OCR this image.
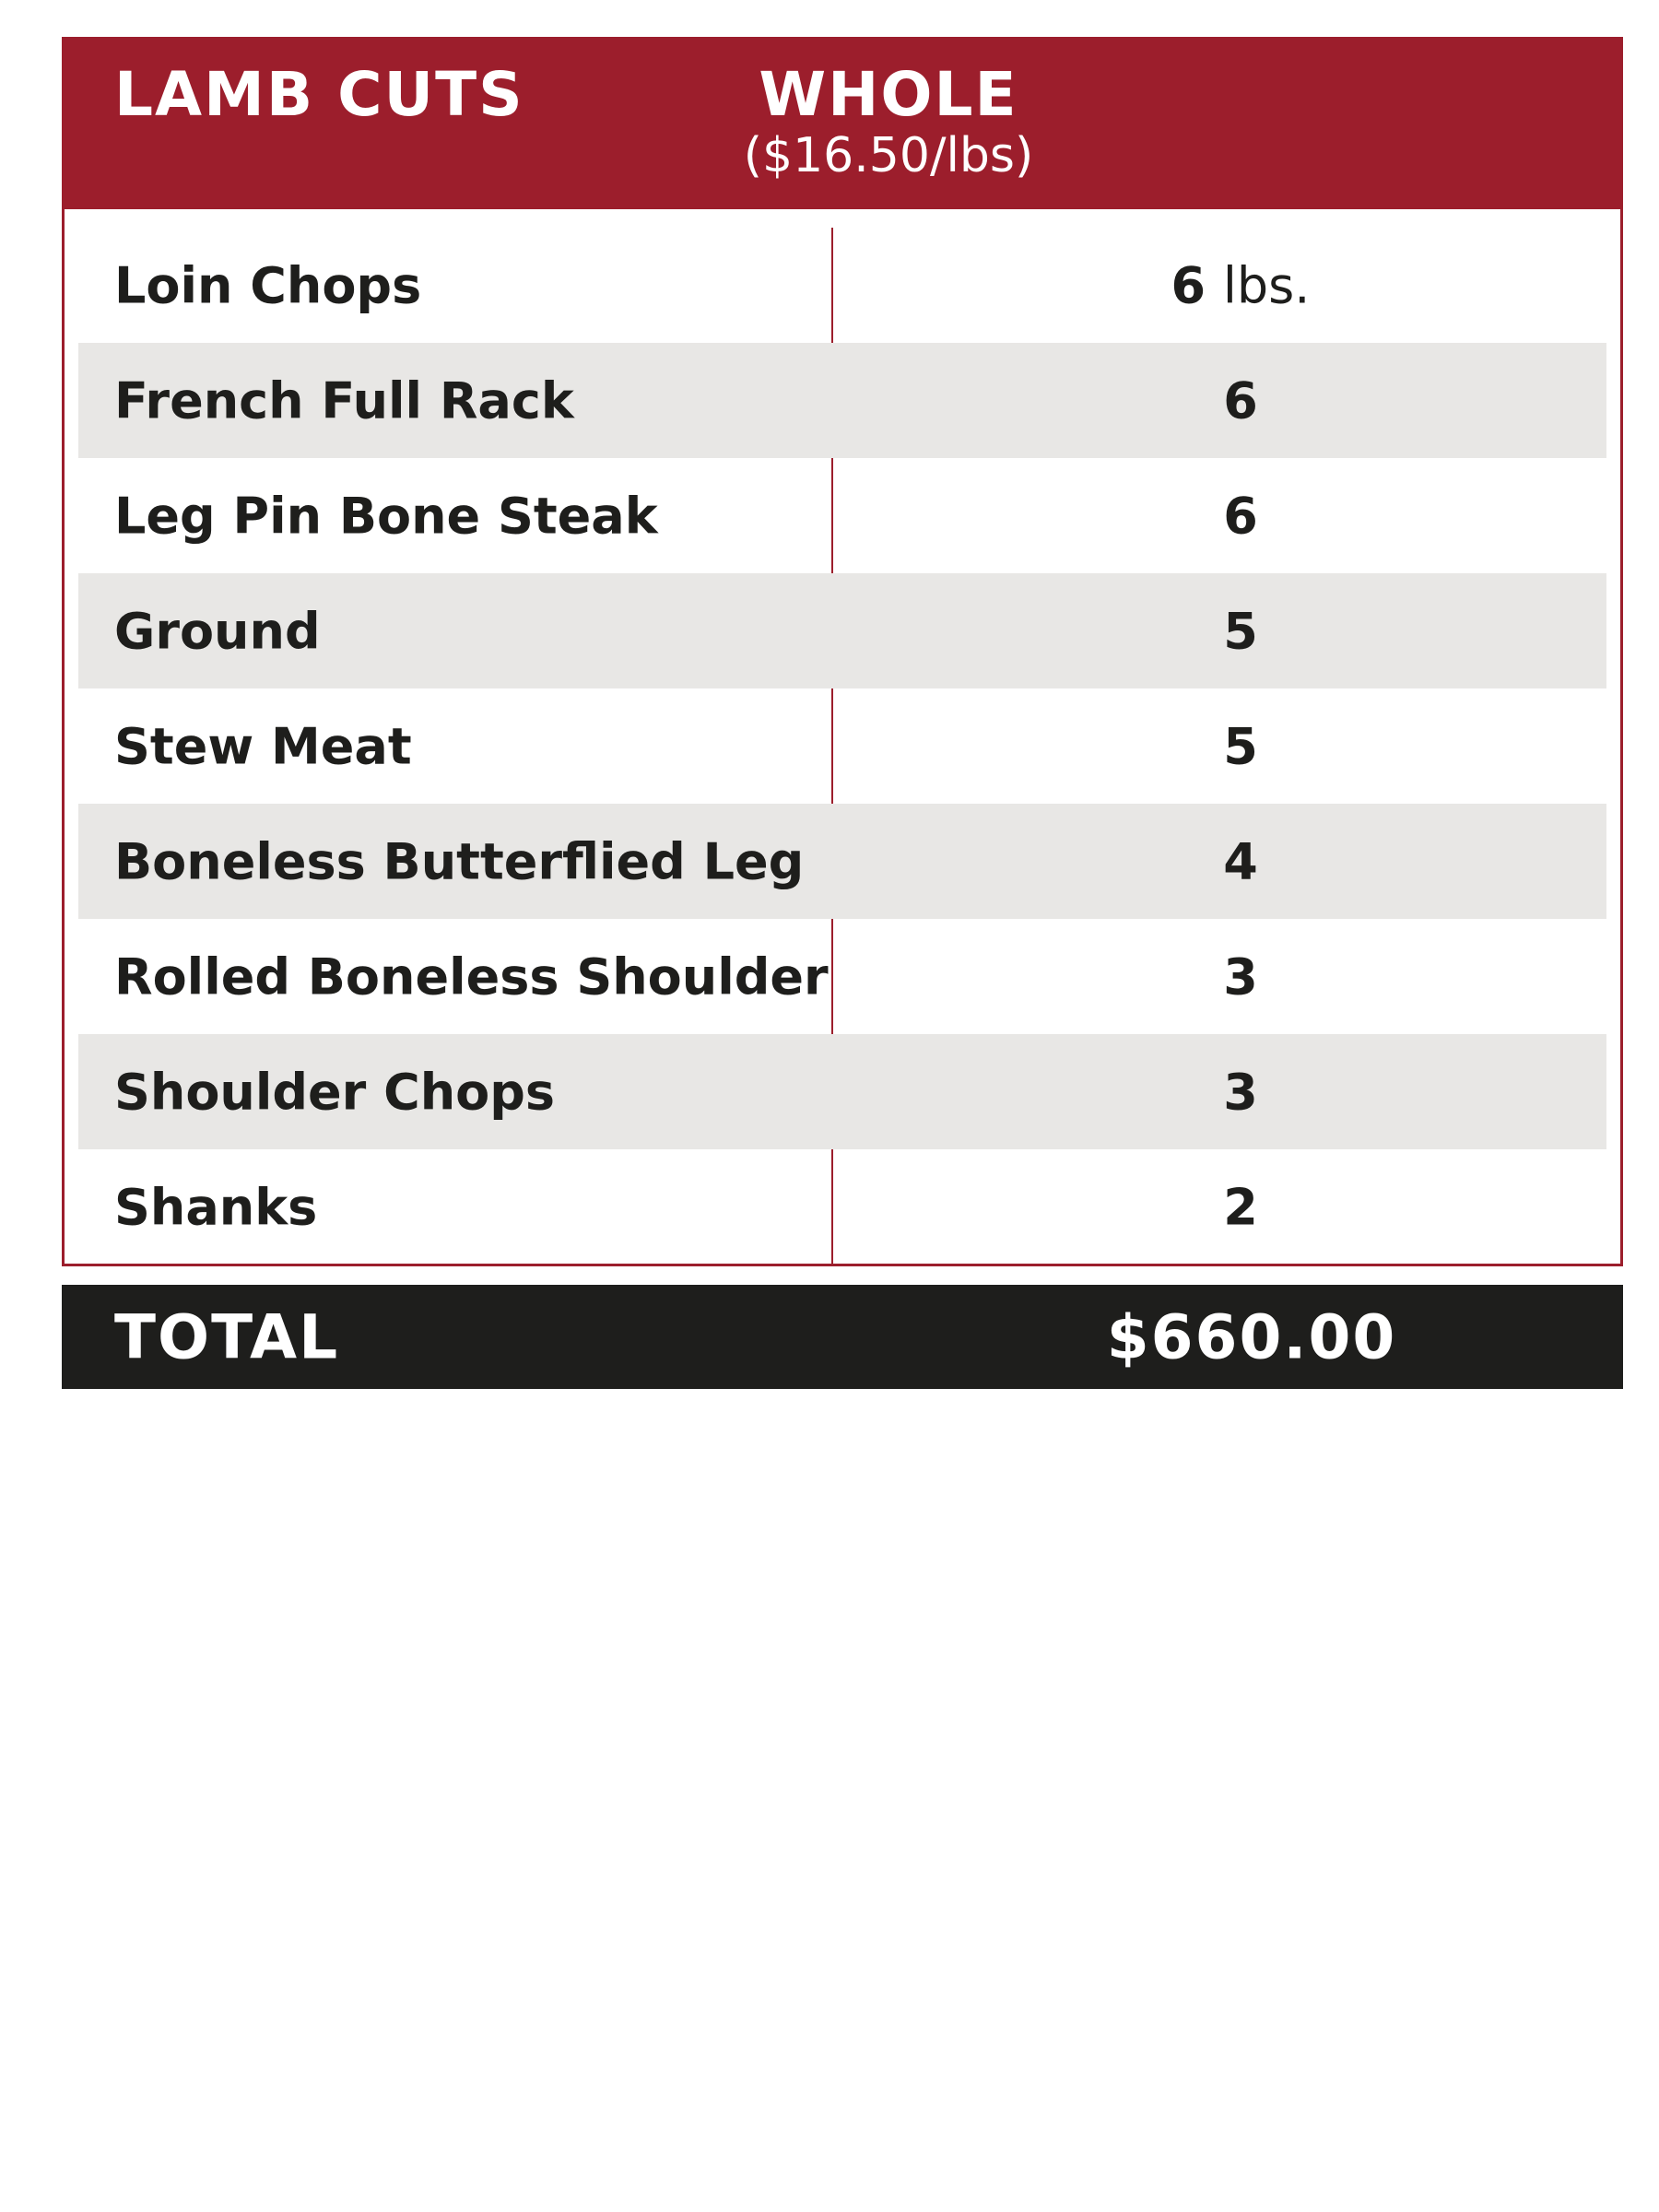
LAMB CUTS	WHOLE
($16.50/lbs)
Loin Chops	6 lbs.
French Full Rack	6
Leg Pin Bone Steak	6
Ground	5
Stew Meat	5
Boneless Butterflied Leg	4
Rolled Boneless Shoulder	3
Shoulder Chops	3
Shanks	2
TOTAL	$660.00
